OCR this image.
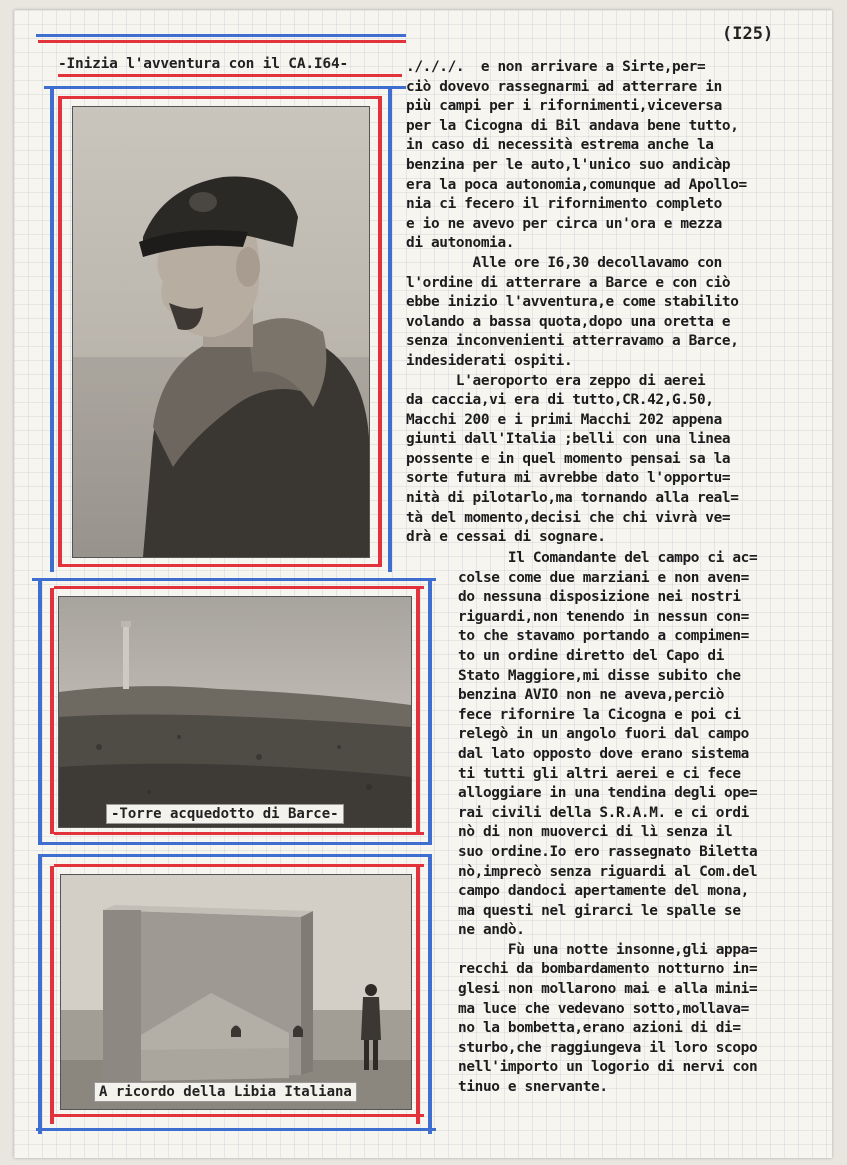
(I25)
-Inizia l'avventura con il CA.I64-
-Torre acquedotto di Barce-
A ricordo della Libia Italiana
./././.  e non arrivare a Sirte,per=
ciò dovevo rassegnarmi ad atterrare in
più campi per i rifornimenti,viceversa
per la Cicogna di Bil andava bene tutto,
in caso di necessità estrema anche la
benzina per le auto,l'unico suo andicàp
era la poca autonomia,comunque ad Apollo=
nia ci fecero il rifornimento completo
e io ne avevo per circa un'ora e mezza
di autonomia.
Alle ore I6,30 decollavamo con
l'ordine di atterrare a Barce e con ciò
ebbe inizio l'avventura,e come stabilito
volando a bassa quota,dopo una oretta e
senza inconvenienti atterravamo a Barce,
indesiderati ospiti.
L'aeroporto era zeppo di aerei
da caccia,vi era di tutto,CR.42,G.50,
Macchi 200 e i primi Macchi 202 appena
giunti dall'Italia ;belli con una linea
possente e in quel momento pensai sa la
sorte futura mi avrebbe dato l'opportu=
nità di pilotarlo,ma tornando alla real=
tà del momento,decisi che chi vivrà ve=
drà e cessai di sognare.
Il Comandante del campo ci ac=
colse come due marziani e non aven=
do nessuna disposizione nei nostri
riguardi,non tenendo in nessun con=
to che stavamo portando a compimen=
to un ordine diretto del Capo di
Stato Maggiore,mi disse subito che
benzina AVIO non ne aveva,perciò
fece rifornire la Cicogna e poi ci
relegò in un angolo fuori dal campo
dal lato opposto dove erano sistema
ti tutti gli altri aerei e ci fece
alloggiare in una tendina degli ope=
rai civili della S.R.A.M. e ci ordi
nò di non muoverci di lì senza il
suo ordine.Io ero rassegnato Biletta
nò,imprecò senza riguardi al Com.del
campo dandoci apertamente del mona,
ma questi nel girarci le spalle se
ne andò.
Fù una notte insonne,gli appa=
recchi da bombardamento notturno in=
glesi non mollarono mai e alla mini=
ma luce che vedevano sotto,mollava=
no la bombetta,erano azioni di di=
sturbo,che raggiungeva il loro scopo
nell'importo un logorio di nervi con
tinuo e snervante.
